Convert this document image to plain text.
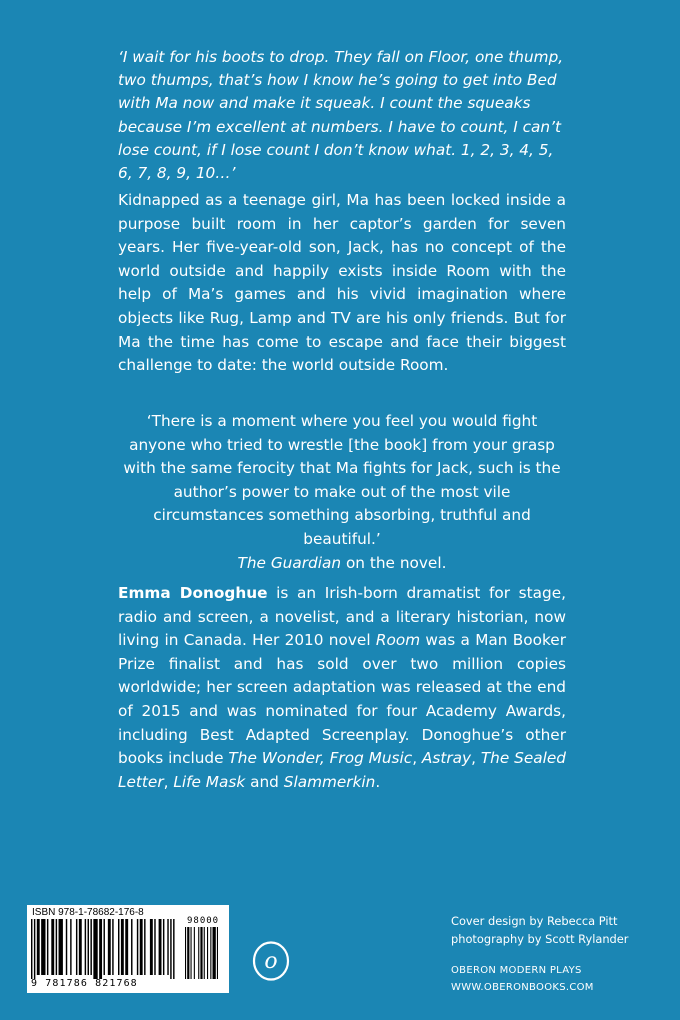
‘I wait for his boots to drop. They fall on Floor, one thump, two thumps, that’s how I know he’s going to get into Bed with Ma now and make it squeak. I count the squeaks because I’m excellent at numbers. I have to count, I can’t lose count, if I lose count I don’t know what. 1, 2, 3, 4, 5, 6, 7, 8, 9, 10…’
Kidnapped as a teenage girl, Ma has been locked inside a purpose built room in her captor’s garden for seven years. Her five-year-old son, Jack, has no concept of the world outside and happily exists inside Room with the help of Ma’s games and his vivid imagination where objects like Rug, Lamp and TV are his only friends. But for Ma the time has come to escape and face their biggest challenge to date: the world outside Room.
‘There is a moment where you feel you would fight anyone who tried to wrestle [the book] from your grasp with the same ferocity that Ma fights for Jack, such is the author’s power to make out of the most vile circumstances something absorbing, truthful and beautiful.’
The Guardian on the novel.
Emma Donoghue is an Irish-born dramatist for stage, radio and screen, a novelist, and a literary historian, now living in Canada. Her 2010 novel Room was a Man Booker Prize finalist and has sold over two million copies worldwide; her screen adaptation was released at the end of 2015 and was nominated for four Academy Awards, including Best Adapted Screenplay. Donoghue’s other books include The Wonder, Frog Music, Astray, The Sealed Letter, Life Mask and Slammerkin.
ISBN 978-1-78682-176-8
98000
9 781786 821768
o
Cover design by Rebecca Pitt
photography by Scott Rylander
OBERON MODERN PLAYS
WWW.OBERONBOOKS.COM
